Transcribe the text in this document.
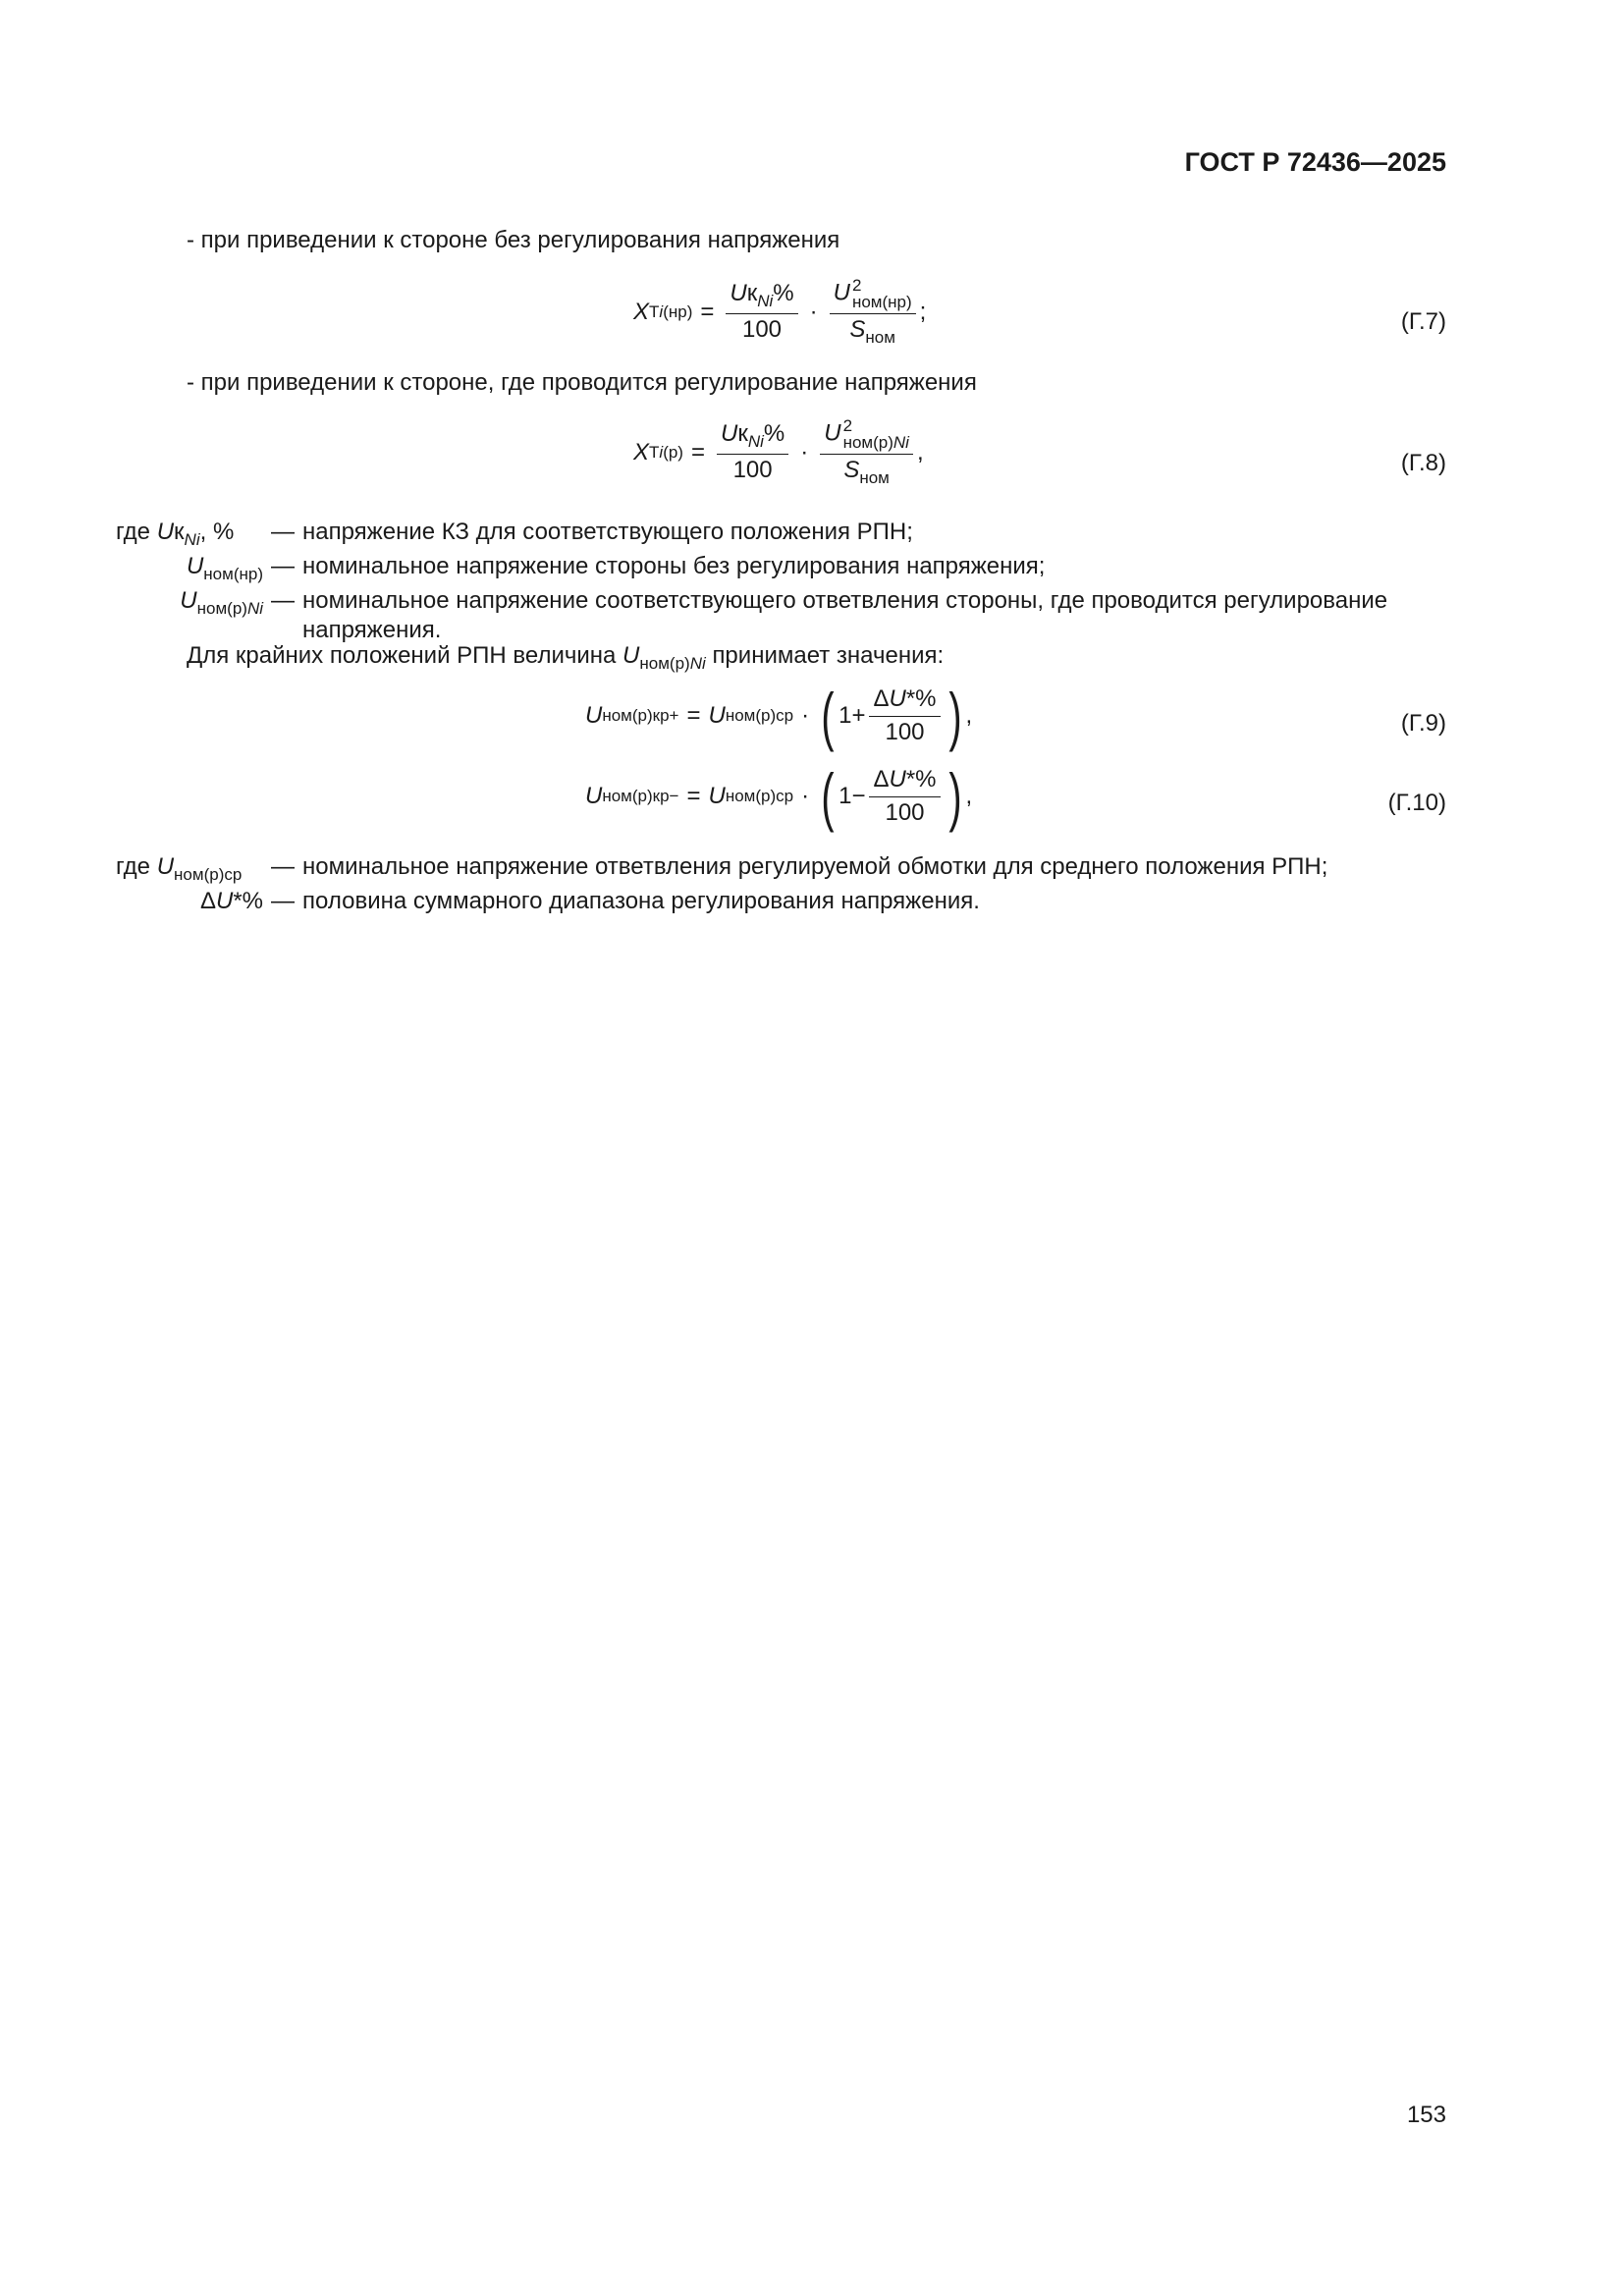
ГОСТ Р 72436—2025
- при приведении к стороне без регулирования напряжения
X $Ti(нр) = \frac{Uк_{Ni}\%}{100} \cdot U$ 2
ном(нр)
$S_{ном}$ ;	(Г.7)
- при приведении к стороне, где проводится регулирование напряжения
X $Ti(р) = \frac{Uк_{Ni}\%}{100} \cdot U$ 2
ном(р)Ni
$S_{ном}$ ,	(Г.8)
где $Uк_{Ni}$, %	— напряжение КЗ для соответствующего положения РПН;
$U_{ном(нр)}$ — номинальное напряжение стороны без регулирования напряжения;
$U_{ном(р)Ni}$ — номинальное напряжение соответствующего ответвления стороны, где проводится регулирование напряжения.
Для крайних положений РПН величина $U_{ном(р)Ni}$ принимает значения:
U ном(р)кр+ = U ном(р)ср · ( $1+ \frac{\Delta U*\%}{100}$ ) ,	(Г.9)
U ном(р)кр− = U ном(р)ср · ( $1- \frac{\Delta U*\%}{100}$ ) ,	(Г.10)
где $U_{ном(р)ср}$	— номинальное напряжение ответвления регулируемой обмотки для среднего положения РПН;
ΔU*% — половина суммарного диапазона регулирования напряжения.
153
